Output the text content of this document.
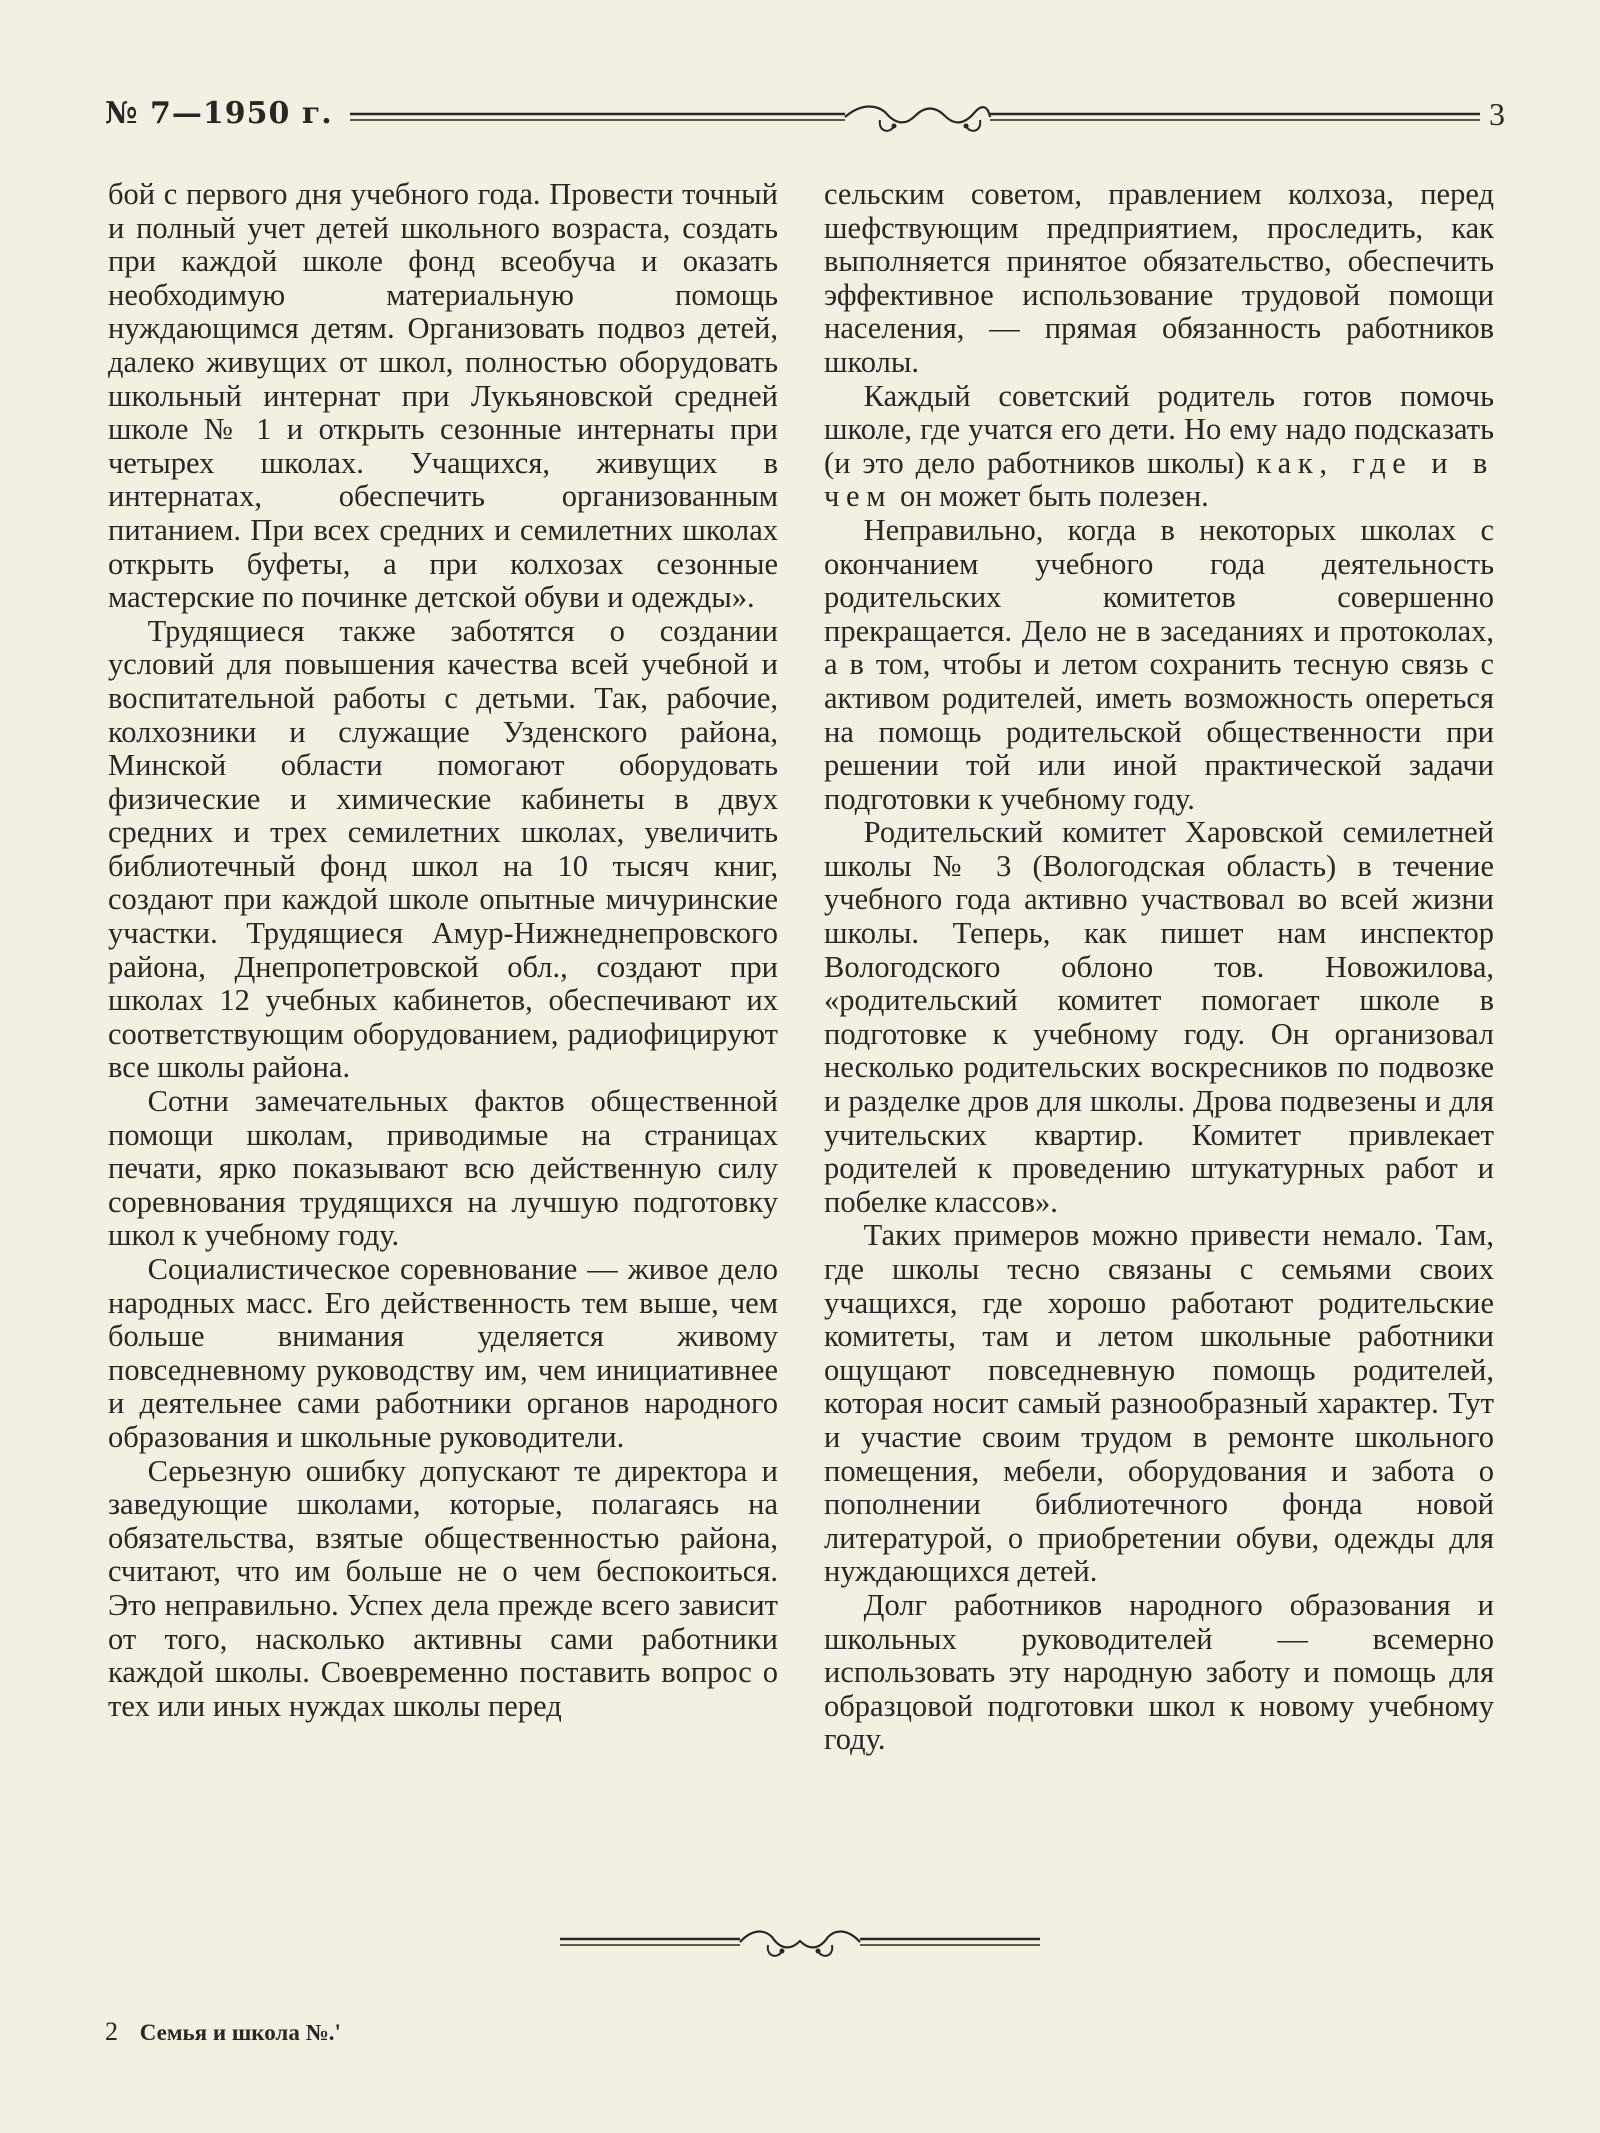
№ 7—1950 г.	3

бой с первого дня учебного года. Провести точный и полный учет детей школьного возраста, создать при каждой школе фонд всеобуча и оказать необходимую материальную помощь нуждающимся детям. Организовать подвоз детей, далеко живущих от школ, полностью оборудовать школьный интернат при Лукьяновской средней школе № 1 и открыть сезонные интернаты при четырех школах. Учащихся, живущих в интернатах, обеспечить организованным питанием. При всех средних и семилетних школах открыть буфеты, а при колхозах сезонные мастерские по починке детской обуви и одежды».

Трудящиеся также заботятся о создании условий для повышения качества всей учебной и воспитательной работы с детьми. Так, рабочие, колхозники и служащие Узденского района, Минской области помогают оборудовать физические и химические кабинеты в двух средних и трех семилетних школах, увеличить библиотечный фонд школ на 10 тысяч книг, создают при каждой школе опытные мичуринские участки. Трудящиеся Амур-Нижнеднепровского района, Днепропетровской обл., создают при школах 12 учебных кабинетов, обеспечивают их соответствующим оборудованием, радиофицируют все школы района.

Сотни замечательных фактов общественной помощи школам, приводимые на страницах печати, ярко показывают всю действенную силу соревнования трудящихся на лучшую подготовку школ к учебному году.

Социалистическое соревнование — живое дело народных масс. Его действенность тем выше, чем больше внимания уделяется живому повседневному руководству им, чем инициативнее и деятельнее сами работники органов народного образования и школьные руководители.

Серьезную ошибку допускают те директора и заведующие школами, которые, полагаясь на обязательства, взятые общественностью района, считают, что им больше не о чем беспокоиться. Это неправильно. Успех дела прежде всего зависит от того, насколько активны сами работники каждой школы. Своевременно поставить вопрос о тех или иных нуждах школы перед

сельским советом, правлением колхоза, перед шефствующим предприятием, проследить, как выполняется принятое обязательство, обеспечить эффективное использование трудовой помощи населения, — прямая обязанность работников школы.

Каждый советский родитель готов помочь школе, где учатся его дети. Но ему надо подсказать (и это дело работников школы) как, где и в чем он может быть полезен.

Неправильно, когда в некоторых школах с окончанием учебного года деятельность родительских комитетов совершенно прекращается. Дело не в заседаниях и протоколах, а в том, чтобы и летом сохранить тесную связь с активом родителей, иметь возможность опереться на помощь родительской общественности при решении той или иной практической задачи подготовки к учебному году.

Родительский комитет Харовской семилетней школы № 3 (Вологодская область) в течение учебного года активно участвовал во всей жизни школы. Теперь, как пишет нам инспектор Вологодского облоно тов. Новожилова, «родительский комитет помогает школе в подготовке к учебному году. Он организовал несколько родительских воскресников по подвозке и разделке дров для школы. Дрова подвезены и для учительских квартир. Комитет привлекает родителей к проведению штукатурных работ и побелке классов».

Таких примеров можно привести немало. Там, где школы тесно связаны с семьями своих учащихся, где хорошо работают родительские комитеты, там и летом школьные работники ощущают повседневную помощь родителей, которая носит самый разнообразный характер. Тут и участие своим трудом в ремонте школьного помещения, мебели, оборудования и забота о пополнении библиотечного фонда новой литературой, о приобретении обуви, одежды для нуждающихся детей.

Долг работников народного образования и школьных руководителей — всемерно использовать эту народную заботу и помощь для образцовой подготовки школ к новому учебному году.

2 Семья и школа №.'
